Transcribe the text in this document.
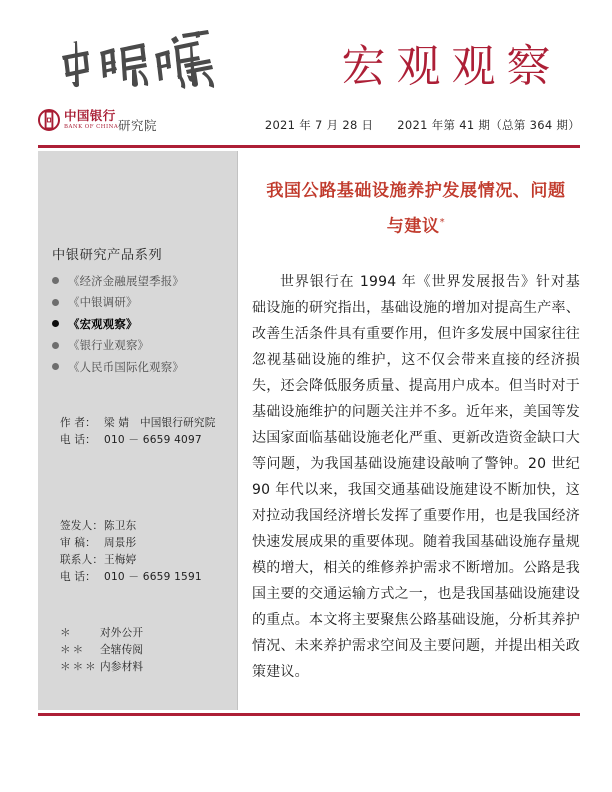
宏观观察
中国银行
BANK OF CHINA 研究院	2021 年 7 月 28 日 2021 年第 41 期（总第 364 期）
中银研究产品系列
《经济金融展望季报》
《中银调研》
《宏观观察》
《银行业观察》
《人民币国际化观察》
作 者： 梁 婧　中国银行研究院
电 话： 010 － 6659 4097
签发人：陈卫东
审 稿： 周景彤
联系人：王梅婷
电 话： 010 － 6659 1591
＊	对外公开
＊＊	全辖传阅
＊＊＊ 内参材料
我国公路基础设施养护发展情况、问题
与建议*

世界银行在 1994 年《世界发展报告》针对基础设施的研究指出，基础设施的增加对提高生产率、改善生活条件具有重要作用，但许多发展中国家往往忽视基础设施的维护，这不仅会带来直接的经济损失，还会降低服务质量、提高用户成本。但当时对于基础设施维护的问题关注并不多。近年来，美国等发达国家面临基础设施老化严重、更新改造资金缺口大等问题，为我国基础设施建设敲响了警钟。20 世纪 90 年代以来，我国交通基础设施建设不断加快，这对拉动我国经济增长发挥了重要作用，也是我国经济快速发展成果的重要体现。随着我国基础设施存量规模的增大，相关的维修养护需求不断增加。公路是我国主要的交通运输方式之一，也是我国基础设施建设的重点。本文将主要聚焦公路基础设施，分析其养护情况、未来养护需求空间及主要问题，并提出相关政策建议。
